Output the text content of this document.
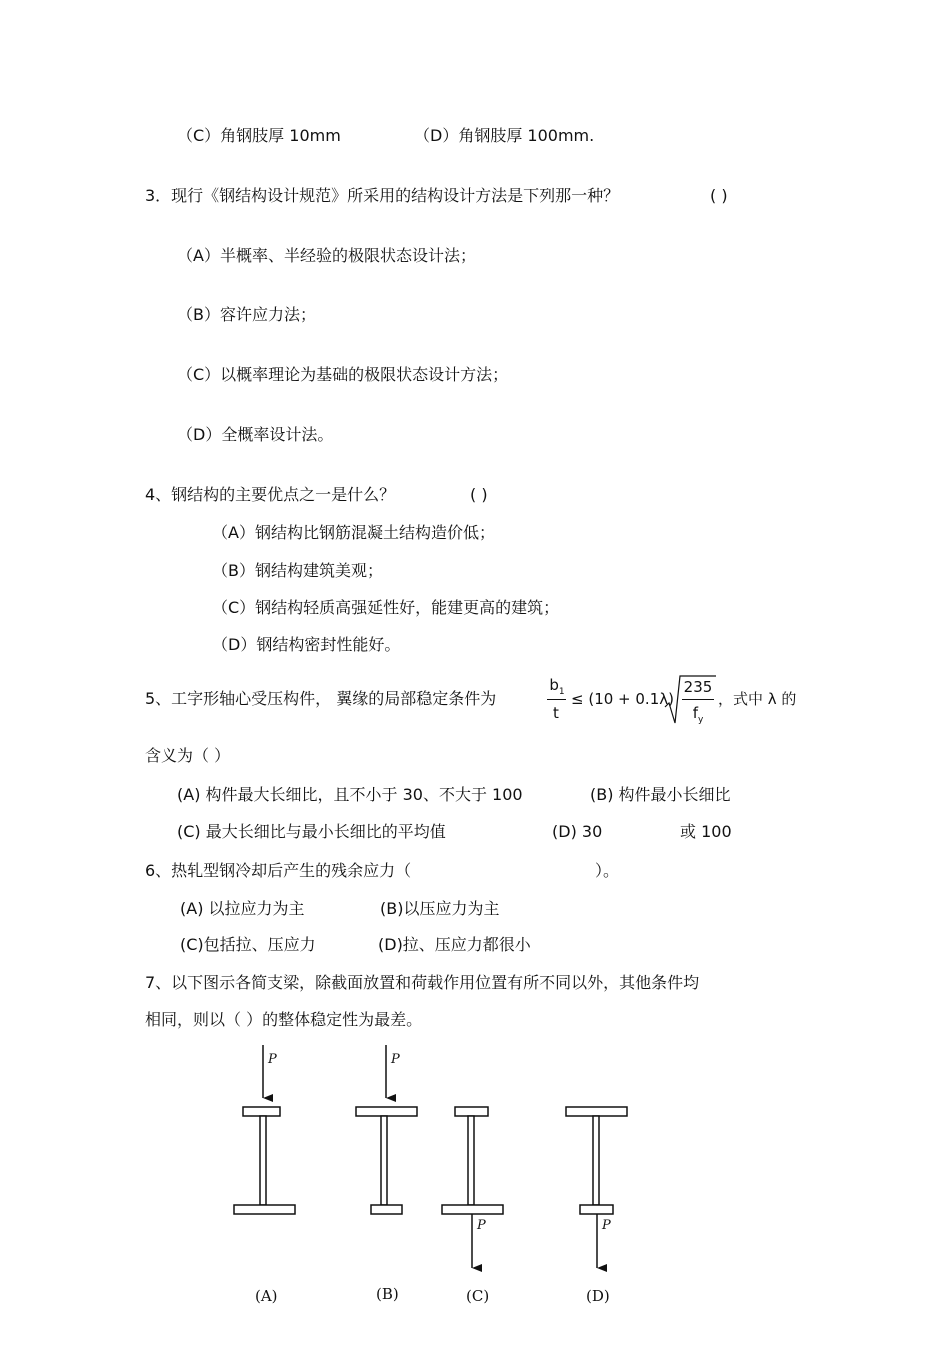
（C）角钢肢厚 10mm	（D）角钢肢厚 100mm.
3．现行《钢结构设计规范》所采用的结构设计方法是下列那一种？	( )
（A）半概率、半经验的极限状态设计法；
（B）容许应力法；
（C）以概率理论为基础的极限状态设计方法；
（D）全概率设计法。
4、钢结构的主要优点之一是什么？	( )
（A）钢结构比钢筋混凝土结构造价低；
（B）钢结构建筑美观；
（C）钢结构轻质高强延性好，能建更高的建筑；
（D）钢结构密封性能好。
5、工字形轴心受压构件， 翼缘的局部稳定条件为
$b_1$
t
≤ (10 + 0.1λ)
235
$f_y$
，式中 λ 的
含义为（ ）
(A) 构件最大长细比，且不小于 30、不大于 100	(B) 构件最小长细比
(C) 最大长细比与最小长细比的平均值	(D) 30	或 100
6、热轧型钢冷却后产生的残余应力（	）。
(A) 以拉应力为主	(B)以压应力为主
(C)包括拉、压应力	(D)拉、压应力都很小
7、以下图示各简支梁，除截面放置和荷载作用位置有所不同以外，其他条件均
相同，则以（ ）的整体稳定性为最差。
P	P
P	P
(A)	(B)	(C)	(D)
